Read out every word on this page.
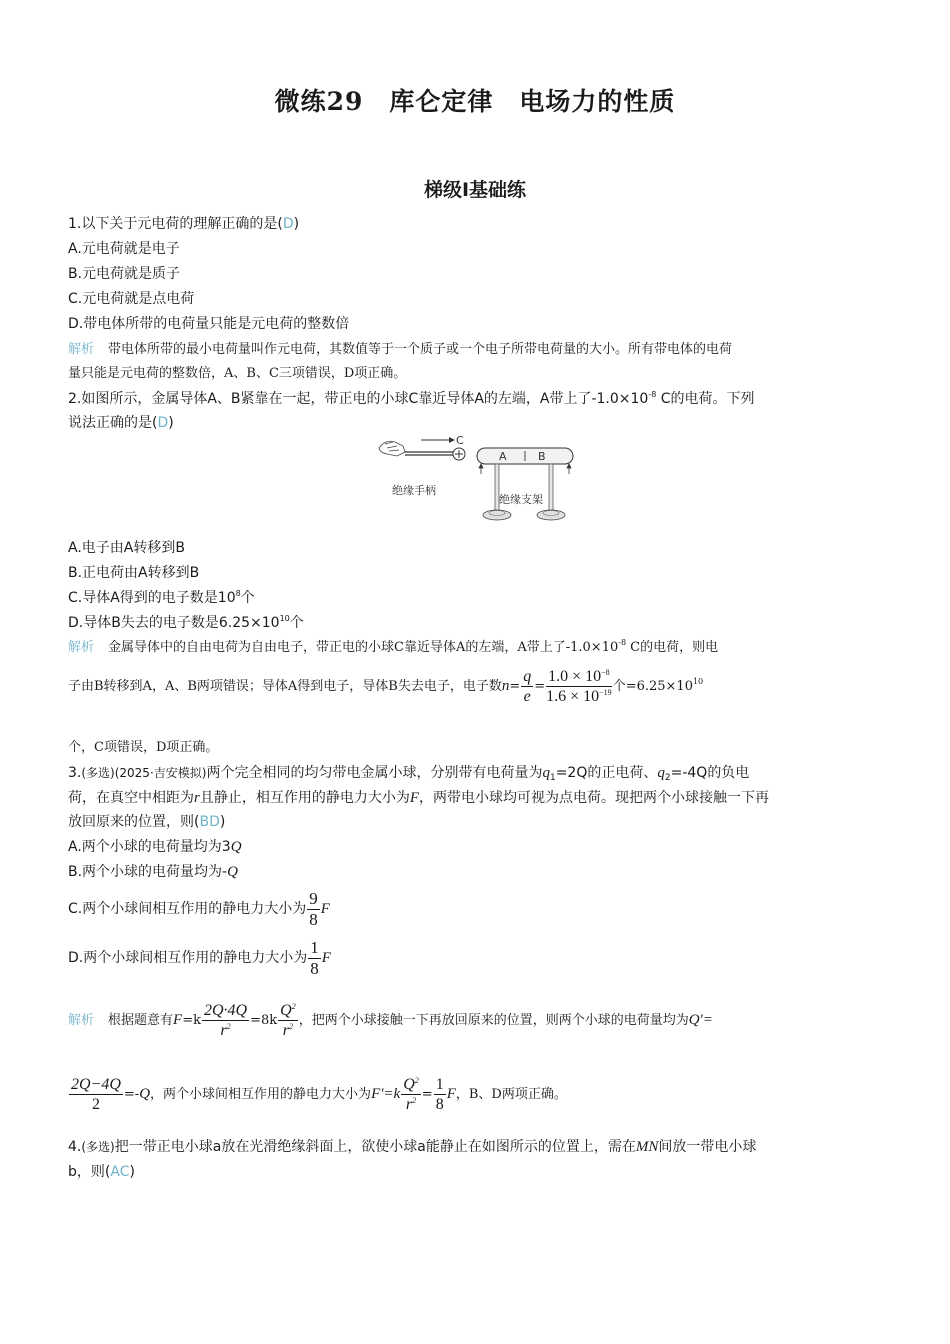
微练29 库仑定律 电场力的性质
梯级Ⅰ基础练
1.以下关于元电荷的理解正确的是(D)
A.元电荷就是电子
B.元电荷就是质子
C.元电荷就是点电荷
D.带电体所带的电荷量只能是元电荷的整数倍
解析 带电体所带的最小电荷量叫作元电荷，其数值等于一个质子或一个电子所带电荷量的大小。所有带电体的电荷
量只能是元电荷的整数倍，A、B、C三项错误，D项正确。
2.如图所示，金属导体A、B紧靠在一起，带正电的小球C靠近导体A的左端，A带上了$-1.0\times 10^{-8}$ C的电荷。下列
说法正确的是(D)
C
A	B
绝缘手柄
绝缘支架
A.电子由A转移到B
B.正电荷由A转移到B
C.导体A得到的电子数是$10^8$个
D.导体B失去的电子数是$6.25\times 10^{10}$个
解析 金属导体中的自由电荷为自由电子，带正电的小球C靠近导体A的左端，A带上了$-1.0\times 10^{-8}$ C的电荷，则电
子由B转移到A，A、B两项错误；导体A得到电子，导体B失去电子，电子数$n= \frac{q}{e} = \frac{1.0 \times 10^{-8}}{1.6 \times 10^{-19}}$ 个$=6.25\times 10^{10}$
个，C项错误，D项正确。
3.(多选)(2025·吉安模拟)两个完全相同的均匀带电金属小球，分别带有电荷量为$q_1=2Q$的正电荷、$q_2=-4Q$的负电
荷，在真空中相距为r且静止，相互作用的静电力大小为F，两带电小球均可视为点电荷。现把两个小球接触一下再
放回原来的位置，则(BD)
A.两个小球的电荷量均为3Q
B.两个小球的电荷量均为-Q
C.两个小球间相互作用的静电力大小为 $\frac{9}{8}$ F
D.两个小球间相互作用的静电力大小为 $\frac{1}{8}$ F
解析 根据题意有$F=k \frac{2Q\cdot 4Q}{r^2} =8k \frac{Q^2}{r^2}$ ，把两个小球接触一下再放回原来的位置，则两个小球的电荷量均为Q'=
$\frac{2Q-4Q}{2} =-Q$，两个小球间相互作用的静电力大小为$F'=k \frac{Q^2}{r^2} = \frac{1}{8}$ F，B、D两项正确。
4.(多选)把一带正电小球a放在光滑绝缘斜面上，欲使小球a能静止在如图所示的位置上，需在MN间放一带电小球
b，则(AC)
